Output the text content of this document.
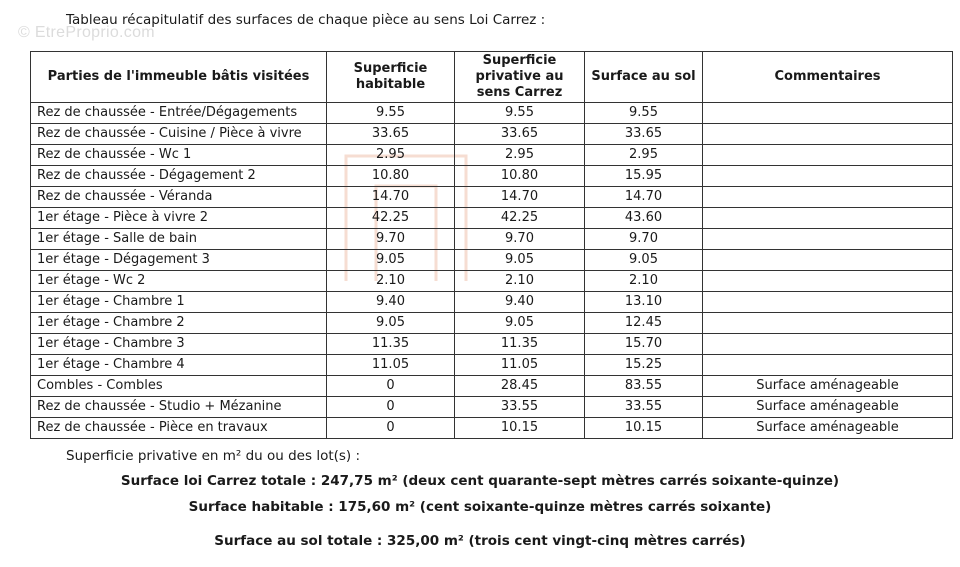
© EtreProprio.com
Tableau récapitulatif des surfaces de chaque pièce au sens Loi Carrez :
Parties de l'immeuble bâtis visitées	Superficie habitable	Superficie privative au sens Carrez	Surface au sol	Commentaires
Rez de chaussée - Entrée/Dégagements	9.55	9.55	9.55	
Rez de chaussée - Cuisine / Pièce à vivre	33.65	33.65	33.65	
Rez de chaussée - Wc 1	2.95	2.95	2.95	
Rez de chaussée - Dégagement 2	10.80	10.80	15.95	
Rez de chaussée - Véranda	14.70	14.70	14.70	
1er étage - Pièce à vivre 2	42.25	42.25	43.60	
1er étage - Salle de bain	9.70	9.70	9.70	
1er étage - Dégagement 3	9.05	9.05	9.05	
1er étage - Wc 2	2.10	2.10	2.10	
1er étage - Chambre 1	9.40	9.40	13.10	
1er étage - Chambre 2	9.05	9.05	12.45	
1er étage - Chambre 3	11.35	11.35	15.70	
1er étage - Chambre 4	11.05	11.05	15.25	
Combles - Combles	0	28.45	83.55	Surface aménageable
Rez de chaussée - Studio + Mézanine	0	33.55	33.55	Surface aménageable
Rez de chaussée - Pièce en travaux	0	10.15	10.15	Surface aménageable
Superficie privative en m² du ou des lot(s) :
Surface loi Carrez totale : 247,75 m² (deux cent quarante-sept mètres carrés soixante-quinze)
Surface habitable : 175,60 m² (cent soixante-quinze mètres carrés soixante)
Surface au sol totale : 325,00 m² (trois cent vingt-cinq mètres carrés)
